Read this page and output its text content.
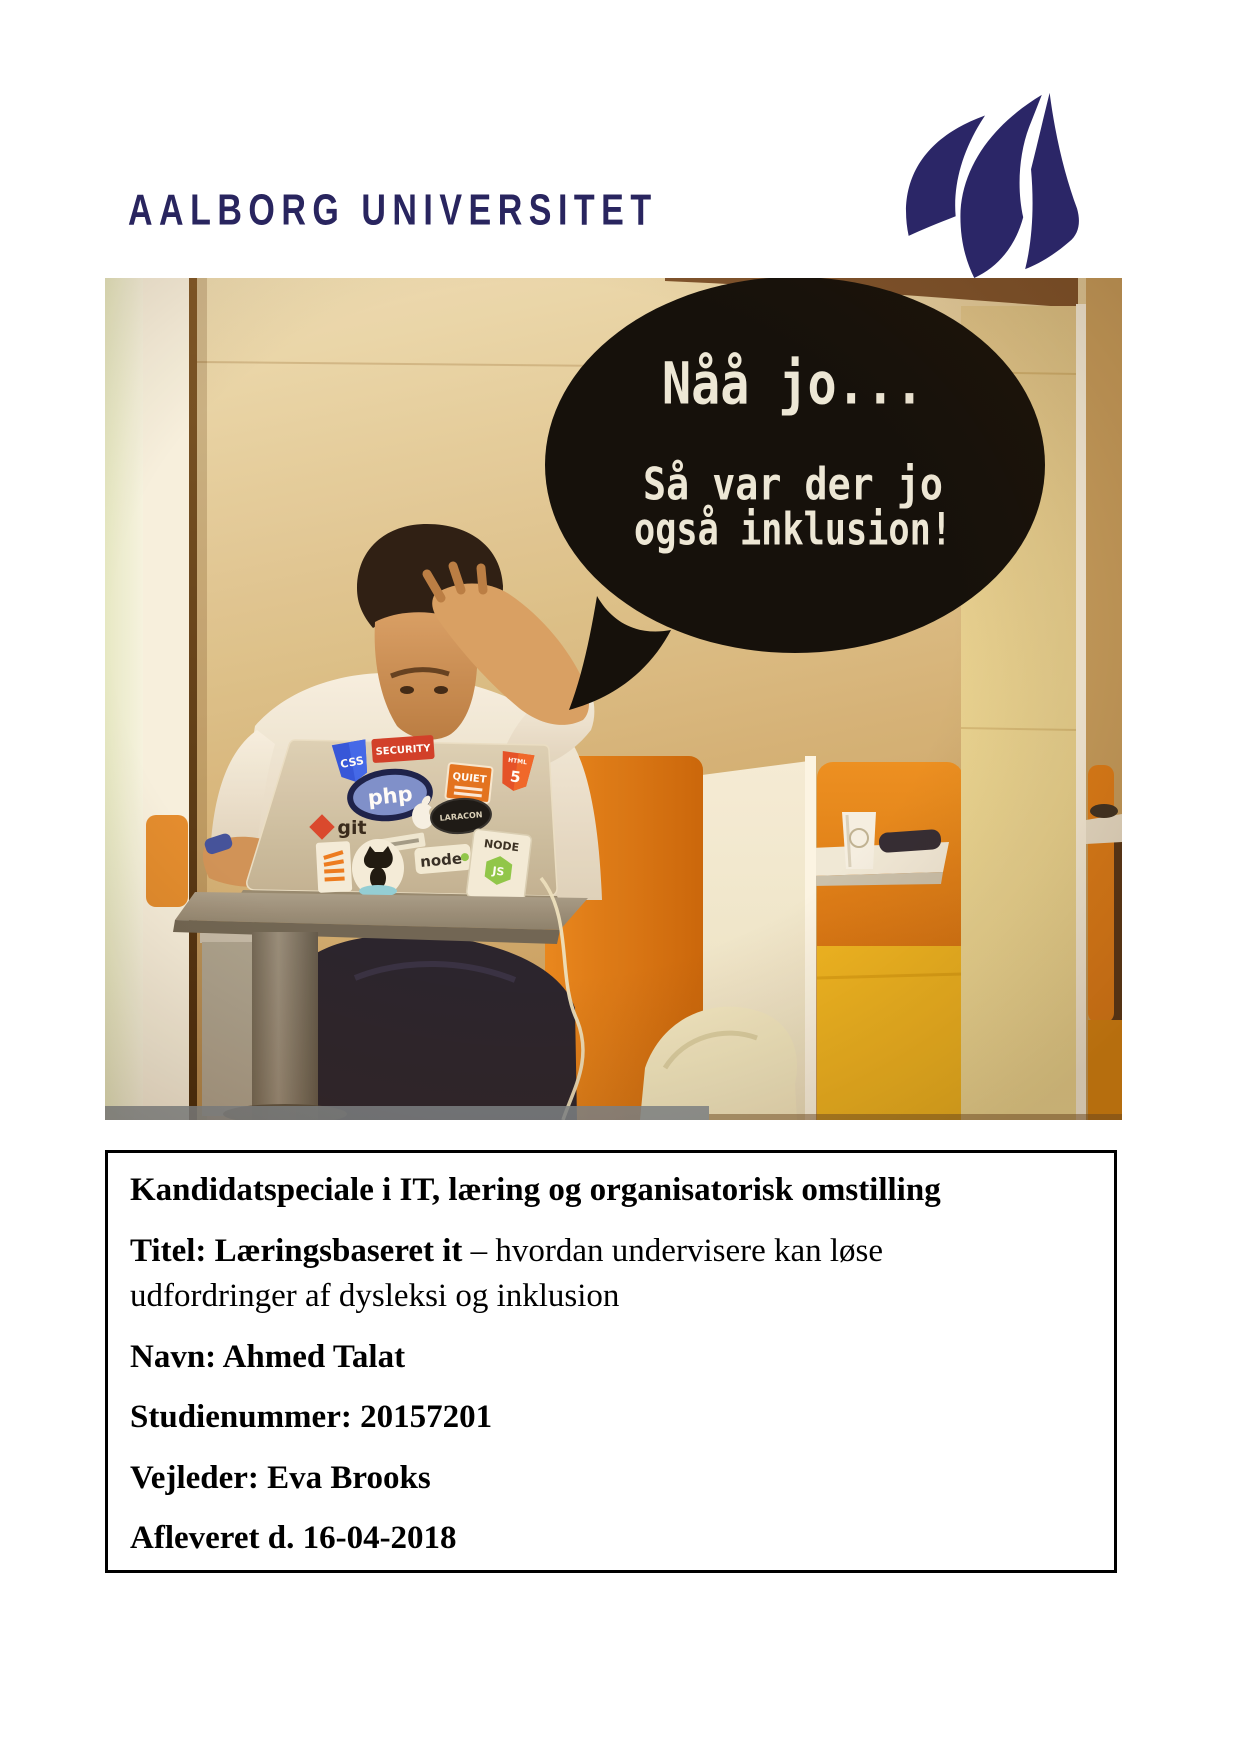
AALBORG UNIVERSITET

Kandidatspeciale i IT, læring og organisatorisk omstilling

Titel: Læringsbaseret it – hvordan undervisere kan løse udfordringer af dysleksi og inklusion

Navn: Ahmed Talat

Studienummer: 20157201

Vejleder: Eva Brooks

Afleveret d. 16-04-2018
